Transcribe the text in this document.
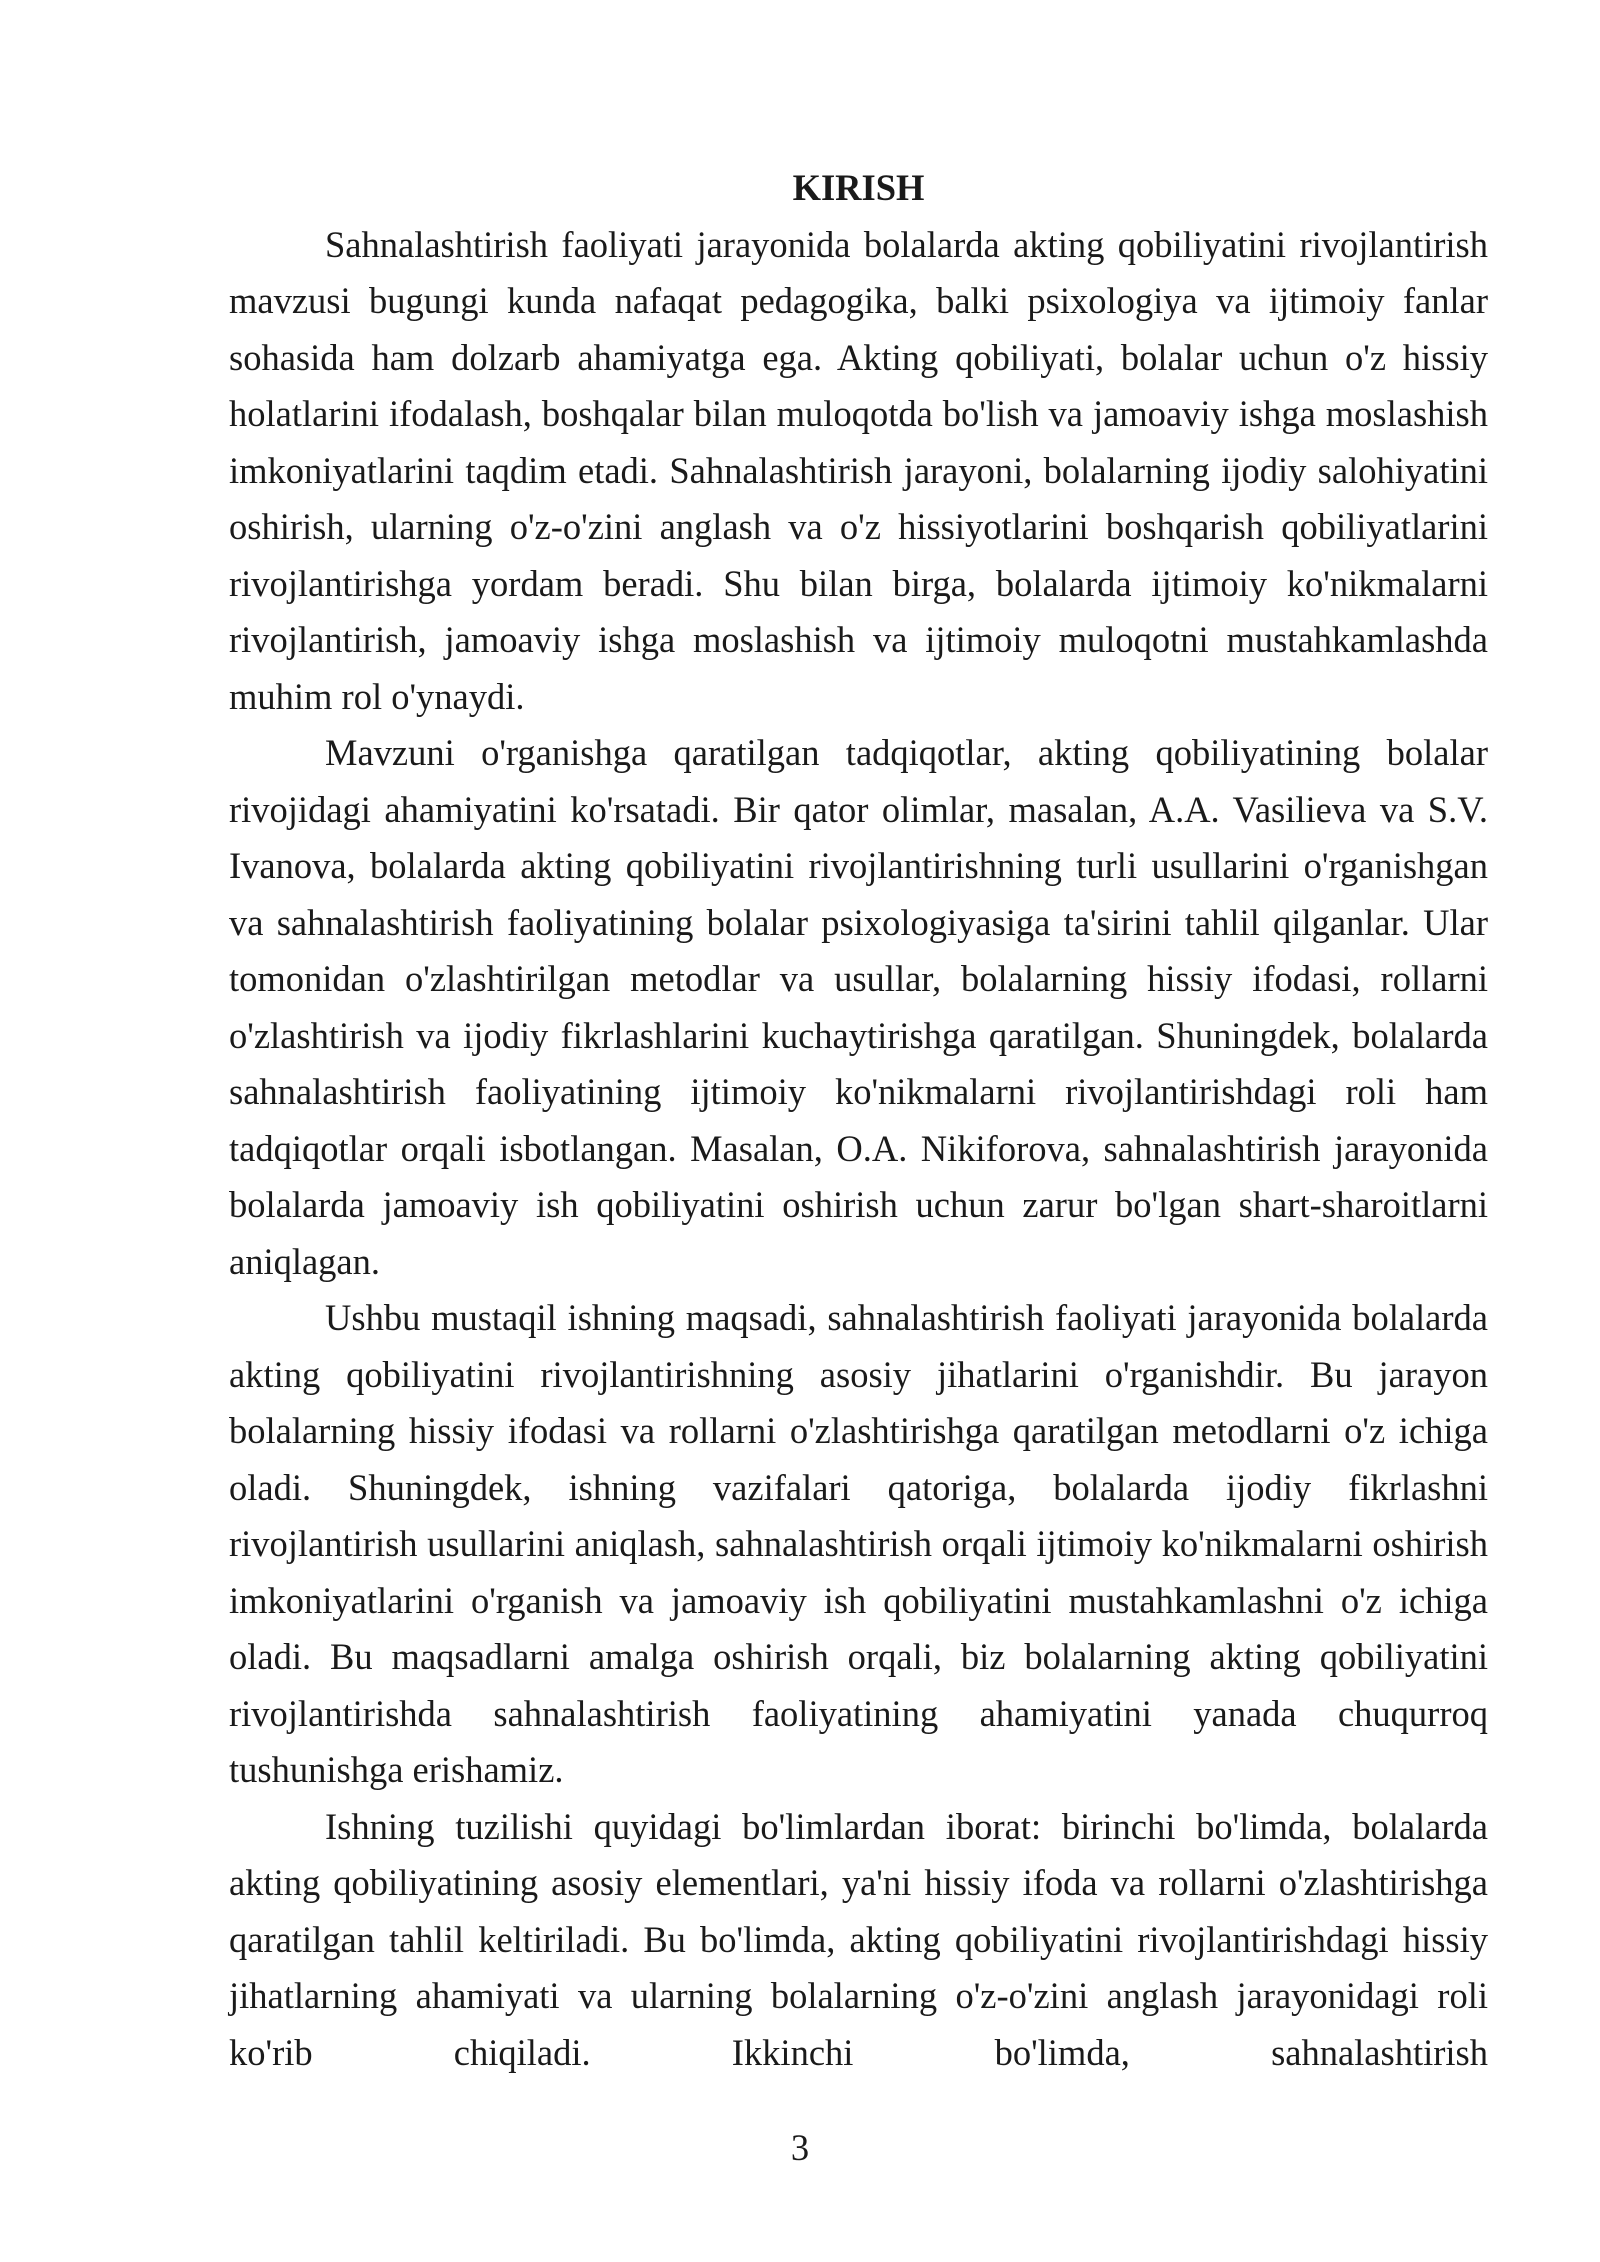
KIRISH

Sahnalashtirish faoliyati jarayonida bolalarda akting qobiliyatini rivojlantirish mavzusi bugungi kunda nafaqat pedagogika, balki psixologiya va ijtimoiy fanlar sohasida ham dolzarb ahamiyatga ega. Akting qobiliyati, bolalar uchun o'z hissiy holatlarini ifodalash, boshqalar bilan muloqotda bo'lish va jamoaviy ishga moslashish imkoniyatlarini taqdim etadi. Sahnalashtirish jarayoni, bolalarning ijodiy salohiyatini oshirish, ularning o'z-o'zini anglash va o'z hissiyotlarini boshqarish qobiliyatlarini rivojlantirishga yordam beradi. Shu bilan birga, bolalarda ijtimoiy ko'nikmalarni rivojlantirish, jamoaviy ishga moslashish va ijtimoiy muloqotni mustahkamlashda muhim rol o'ynaydi.

Mavzuni o'rganishga qaratilgan tadqiqotlar, akting qobiliyatining bolalar rivojidagi ahamiyatini ko'rsatadi. Bir qator olimlar, masalan, A.A. Vasilieva va S.V. Ivanova, bolalarda akting qobiliyatini rivojlantirishning turli usullarini o'rganishgan va sahnalashtirish faoliyatining bolalar psixologiyasiga ta'sirini tahlil qilganlar. Ular tomonidan o'zlashtirilgan metodlar va usullar, bolalarning hissiy ifodasi, rollarni o'zlashtirish va ijodiy fikrlashlarini kuchaytirishga qaratilgan. Shuningdek, bolalarda sahnalashtirish faoliyatining ijtimoiy ko'nikmalarni rivojlantirishdagi roli ham tadqiqotlar orqali isbotlangan. Masalan, O.A. Nikiforova, sahnalashtirish jarayonida bolalarda jamoaviy ish qobiliyatini oshirish uchun zarur bo'lgan shart-sharoitlarni aniqlagan.

Ushbu mustaqil ishning maqsadi, sahnalashtirish faoliyati jarayonida bolalarda akting qobiliyatini rivojlantirishning asosiy jihatlarini o'rganishdir. Bu jarayon bolalarning hissiy ifodasi va rollarni o'zlashtirishga qaratilgan metodlarni o'z ichiga oladi. Shuningdek, ishning vazifalari qatoriga, bolalarda ijodiy fikrlashni rivojlantirish usullarini aniqlash, sahnalashtirish orqali ijtimoiy ko'nikmalarni oshirish imkoniyatlarini o'rganish va jamoaviy ish qobiliyatini mustahkamlashni o'z ichiga oladi. Bu maqsadlarni amalga oshirish orqali, biz bolalarning akting qobiliyatini rivojlantirishda sahnalashtirish faoliyatining ahamiyatini yanada chuqurroq tushunishga erishamiz.

Ishning tuzilishi quyidagi bo'limlardan iborat: birinchi bo'limda, bolalarda akting qobiliyatining asosiy elementlari, ya'ni hissiy ifoda va rollarni o'zlashtirishga qaratilgan tahlil keltiriladi. Bu bo'limda, akting qobiliyatini rivojlantirishdagi hissiy jihatlarning ahamiyati va ularning bolalarning o'z-o'zini anglash jarayonidagi roli ko'rib chiqiladi. Ikkinchi bo'limda, sahnalashtirish

3
